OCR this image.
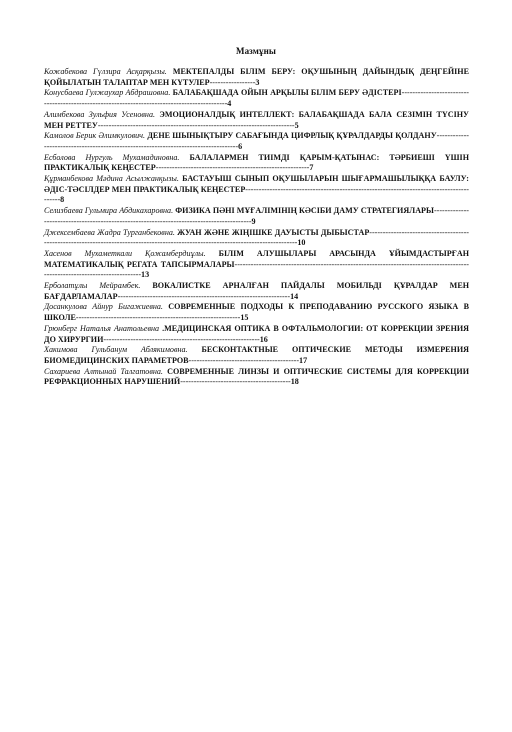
Мазмұны
Кожабекова Гүлзира Асқарқызы. МЕКТЕПАЛДЫ БІЛІМ БЕРУ: ОҚУШЫНЫҢ ДАЙЫНДЫҚ ДЕҢГЕЙІНЕ ҚОЙЫЛАТЫН ТАЛАПТАР МЕН КҮТУЛЕР-----------------3
Конусбаева Гулжаухар Абдрашовна. БАЛАБАҚШАДА ОЙЫН АРҚЫЛЫ БІЛІМ БЕРУ ӘДІСТЕРІ---------------------------------------------------------------------------------------------4
Алимбекова Зульфия Усеновна. ЭМОЦИОНАЛДЫҚ ИНТЕЛЛЕКТ: БАЛАБАҚШАДА БАЛА СЕЗІМІН ТҮСІНУ МЕН РЕТТЕУ-------------------------------------------------------------------------5
Камолов Берик Әлимкулович. ДЕНЕ ШЫНЫҚТЫРУ САБАҒЫНДА ЦИФРЛЫҚ ҚҰРАЛДАРДЫ ҚОЛДАНУ------------------------------------------------------------------------------------6
Есболова Нургуль Мухамадиновна. БАЛАЛАРМЕН ТИІМДІ ҚАРЫМ-ҚАТЫНАС: ТӘРБИЕШІ ҮШІН ПРАКТИКАЛЫҚ КЕҢЕСТЕР---------------------------------------------------------7
Құрманбекова Мәдина Асылжанқызы. БАСТАУЫШ СЫНЫП ОҚУШЫЛАРЫН ШЫҒАРМАШЫЛЫҚҚА БАУЛУ: ӘДІС-ТӘСІЛДЕР МЕН ПРАКТИКАЛЫҚ КЕҢЕСТЕР-----------------------------------------------------------------------------------------8
Селизбаева Гульмира Абдикахаровна. ФИЗИКА ПӘНІ МҰҒАЛІМІНІҢ КӘСІБИ ДАМУ СТРАТЕГИЯЛАРЫ------------------------------------------------------------------------------------------9
Джексембаева Жадра Турганбековна. ЖУАН ЖӘНЕ ЖІҢІШКЕ ДАУЫСТЫ ДЫБЫСТАР-----------------------------------------------------------------------------------------------------------------------------------10
Хасенов Мухаметкали Қожамбердиұлы. БІЛІМ АЛУШЫЛАРЫ АРАСЫНДА ҰЙЫМДАСТЫРҒАН МАТЕМАТИКАЛЫҚ РЕГАТА ТАПСЫРМАЛАРЫ---------------------------------------------------------------------------------------------------------------------------13
Ерболатұлы Мейрамбек. ВОКАЛИСТКЕ АРНАЛҒАН ПАЙДАЛЫ МОБИЛЬДІ ҚҰРАЛДАР МЕН БАҒДАРЛАМАЛАР----------------------------------------------------------------14
Досанкулова Айнур Бигажиевна. СОВРЕМЕННЫЕ ПОДХОДЫ К ПРЕПОДАВАНИЮ РУССКОГО ЯЗЫКА В ШКОЛЕ-------------------------------------------------------------15
Грюнберг Наталья Анатольевна .МЕДИЦИНСКАЯ ОПТИКА В ОФТАЛЬМОЛОГИИ: ОТ КОРРЕКЦИИ ЗРЕНИЯ ДО ХИРУРГИИ----------------------------------------------------------16
Хакимова Гульбанум Аблякимовна. БЕСКОНТАКТНЫЕ ОПТИЧЕСКИЕ МЕТОДЫ ИЗМЕРЕНИЯ БИОМЕДИЦИНСКИХ ПАРАМЕТРОВ-----------------------------------------17
Сахариева Алтынай Талгатовна. СОВРЕМЕННЫЕ ЛИНЗЫ И ОПТИЧЕСКИЕ СИСТЕМЫ ДЛЯ КОРРЕКЦИИ РЕФРАКЦИОННЫХ НАРУШЕНИЙ-----------------------------------------18
